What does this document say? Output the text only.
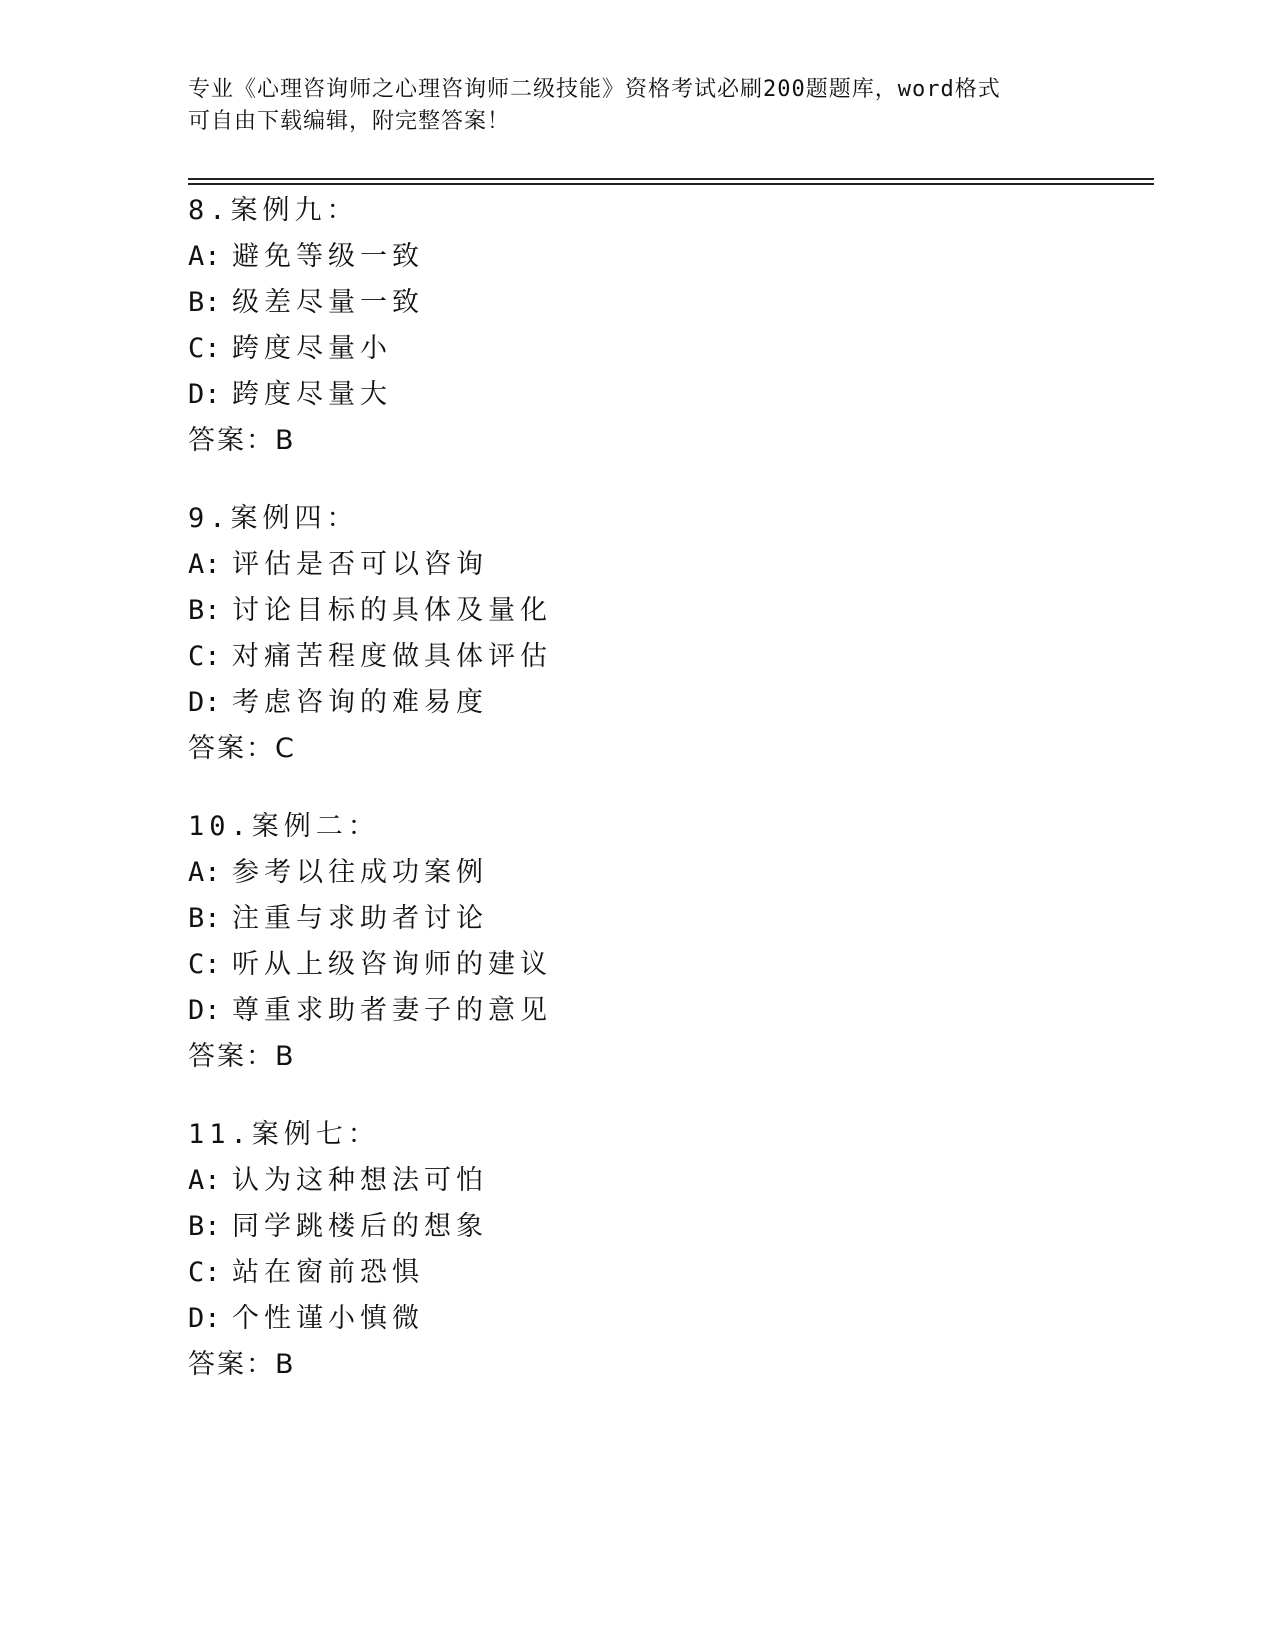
专业《心理咨询师之心理咨询师二级技能》资格考试必刷200题题库，word格式
可自由下载编辑，附完整答案！
8.案例九：
A: 避免等级一致
B: 级差尽量一致
C: 跨度尽量小
D: 跨度尽量大
答案：B
9.案例四：
A: 评估是否可以咨询
B: 讨论目标的具体及量化
C: 对痛苦程度做具体评估
D: 考虑咨询的难易度
答案：C
10.案例二：
A: 参考以往成功案例
B: 注重与求助者讨论
C: 听从上级咨询师的建议
D: 尊重求助者妻子的意见
答案：B
11.案例七：
A: 认为这种想法可怕
B: 同学跳楼后的想象
C: 站在窗前恐惧
D: 个性谨小慎微
答案：B
